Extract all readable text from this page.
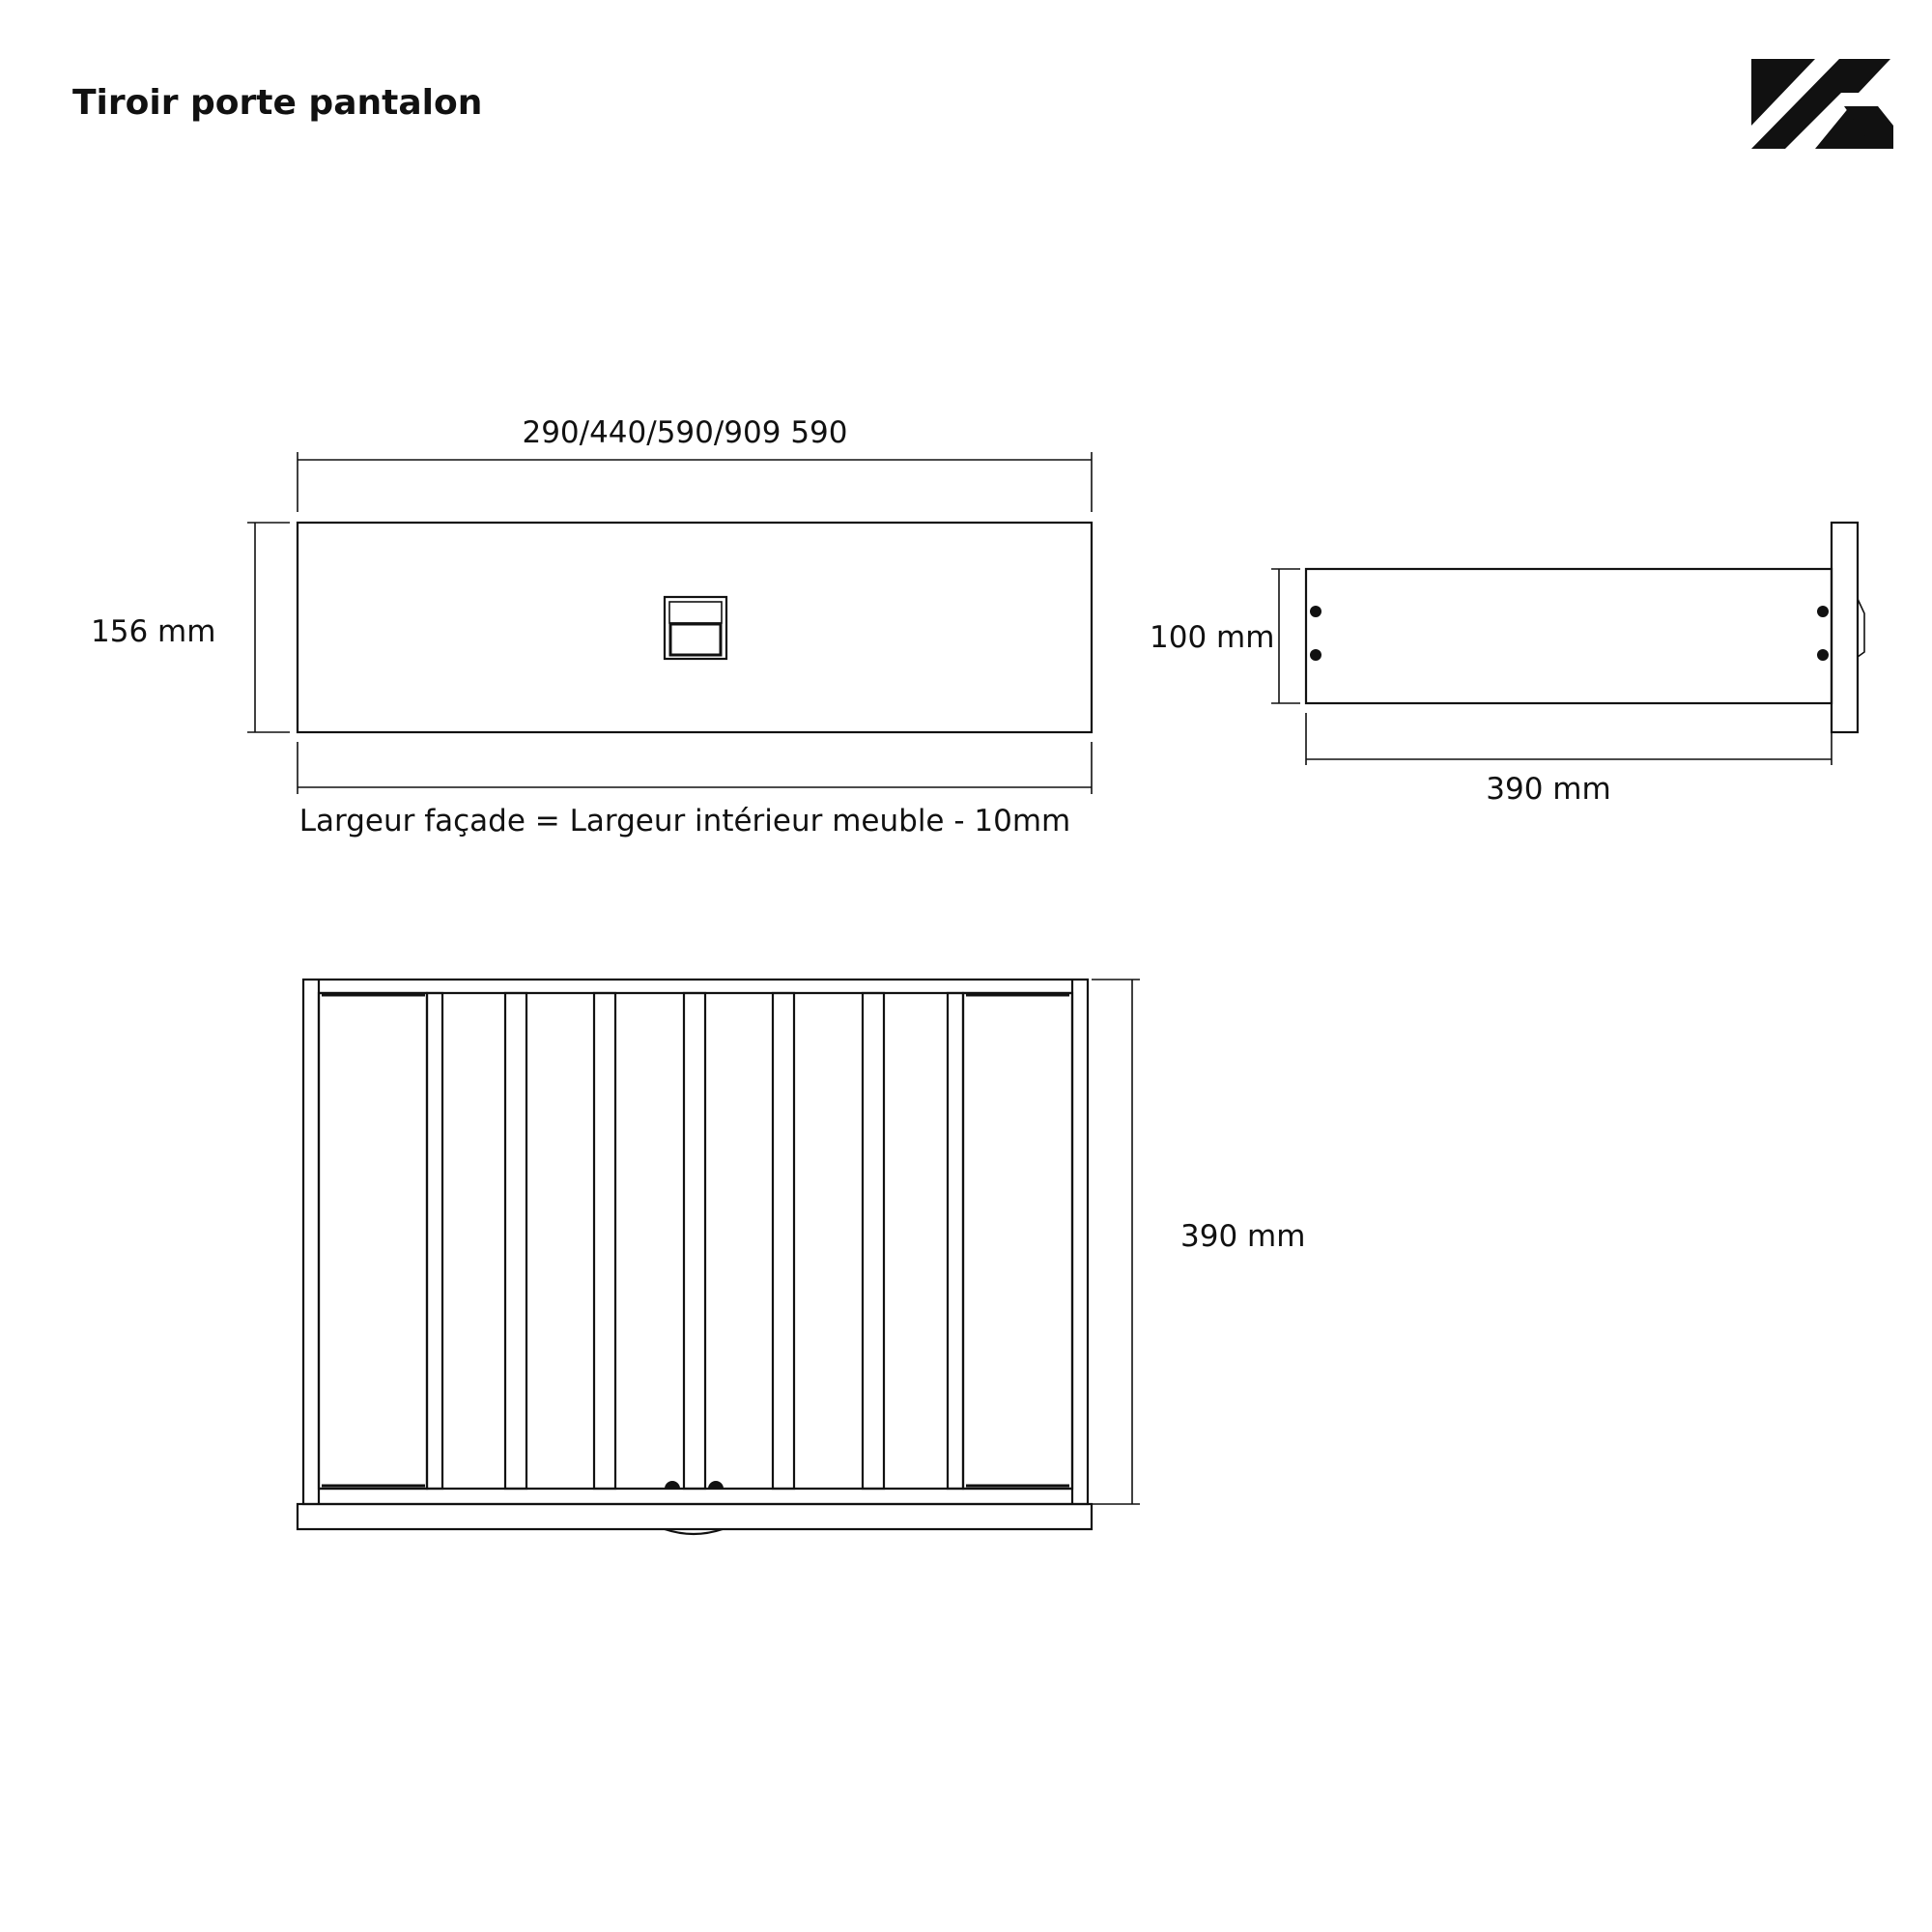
Tiroir porte pantalon
290/440/590/909 590
156 mm
Largeur façade = Largeur intérieur meuble - 10mm
100 mm
390 mm
390 mm
